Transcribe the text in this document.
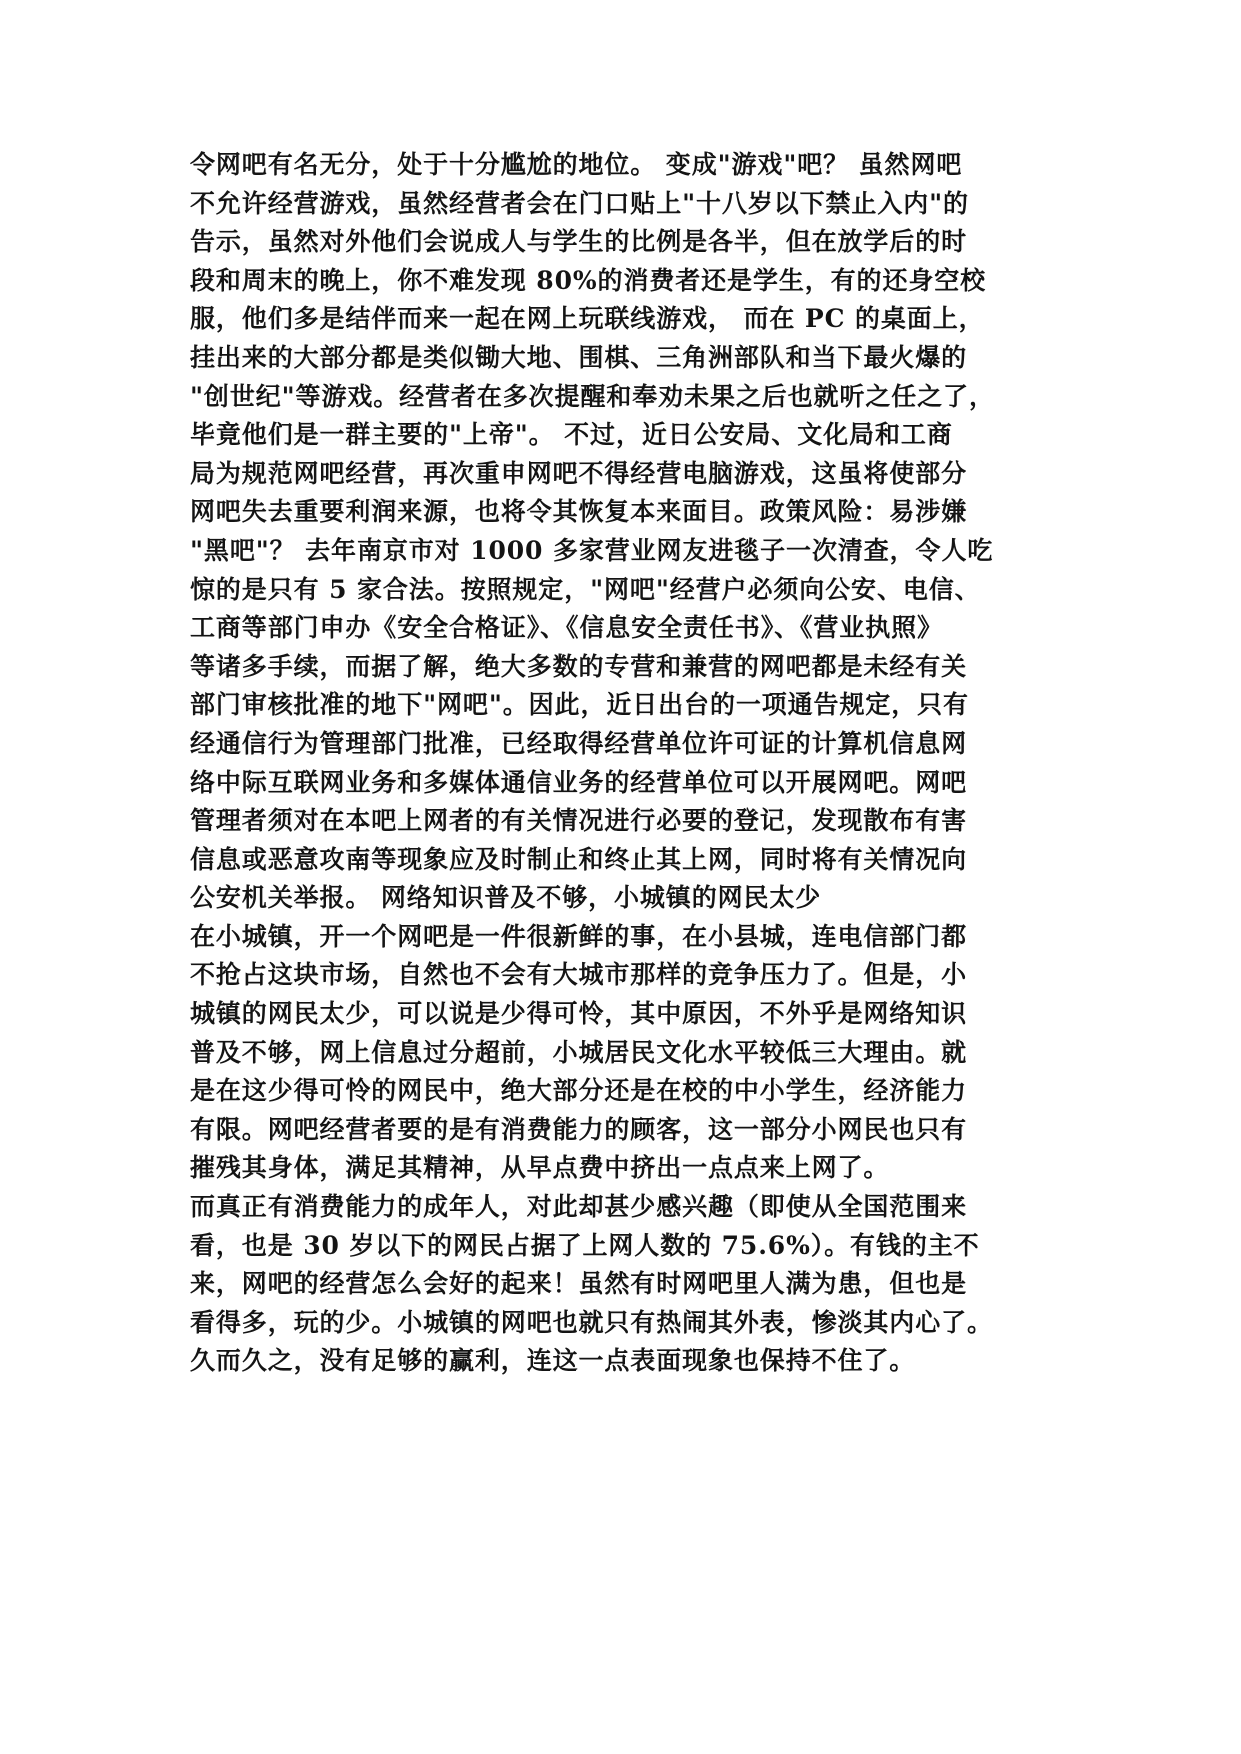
令网吧有名无分，处于十分尴尬的地位。 变成"游戏"吧？ 虽然网吧
不允许经营游戏，虽然经营者会在门口贴上"十八岁以下禁止入内"的
告示，虽然对外他们会说成人与学生的比例是各半，但在放学后的时
段和周末的晚上，你不难发现 80%的消费者还是学生，有的还身空校
服，他们多是结伴而来一起在网上玩联线游戏， 而在 PC 的桌面上，
挂出来的大部分都是类似锄大地、围棋、三角洲部队和当下最火爆的
"创世纪"等游戏。经营者在多次提醒和奉劝未果之后也就听之任之了，
毕竟他们是一群主要的"上帝"。 不过，近日公安局、文化局和工商
局为规范网吧经营，再次重申网吧不得经营电脑游戏，这虽将使部分
网吧失去重要利润来源，也将令其恢复本来面目。政策风险：易涉嫌
"黑吧"？ 去年南京市对 1000 多家营业网友进毯子一次清查，令人吃
惊的是只有 5 家合法。按照规定，"网吧"经营户必须向公安、电信、
工商等部门申办《安全合格证》、《信息安全责任书》、《营业执照》
等诸多手续，而据了解，绝大多数的专营和兼营的网吧都是未经有关
部门审核批准的地下"网吧"。因此，近日出台的一项通告规定，只有
经通信行为管理部门批准，已经取得经营单位许可证的计算机信息网
络中际互联网业务和多媒体通信业务的经营单位可以开展网吧。网吧
管理者须对在本吧上网者的有关情况进行必要的登记，发现散布有害
信息或恶意攻南等现象应及时制止和终止其上网，同时将有关情况向
公安机关举报。 网络知识普及不够，小城镇的网民太少
在小城镇，开一个网吧是一件很新鲜的事，在小县城，连电信部门都
不抢占这块市场，自然也不会有大城市那样的竞争压力了。但是，小
城镇的网民太少，可以说是少得可怜，其中原因，不外乎是网络知识
普及不够，网上信息过分超前，小城居民文化水平较低三大理由。就
是在这少得可怜的网民中，绝大部分还是在校的中小学生，经济能力
有限。网吧经营者要的是有消费能力的顾客，这一部分小网民也只有
摧残其身体，满足其精神，从早点费中挤出一点点来上网了。
而真正有消费能力的成年人，对此却甚少感兴趣（即使从全国范围来
看，也是 30 岁以下的网民占据了上网人数的 75.6%）。有钱的主不
来，网吧的经营怎么会好的起来！虽然有时网吧里人满为患，但也是
看得多，玩的少。小城镇的网吧也就只有热闹其外表，惨淡其内心了。
久而久之，没有足够的赢利，连这一点表面现象也保持不住了。
